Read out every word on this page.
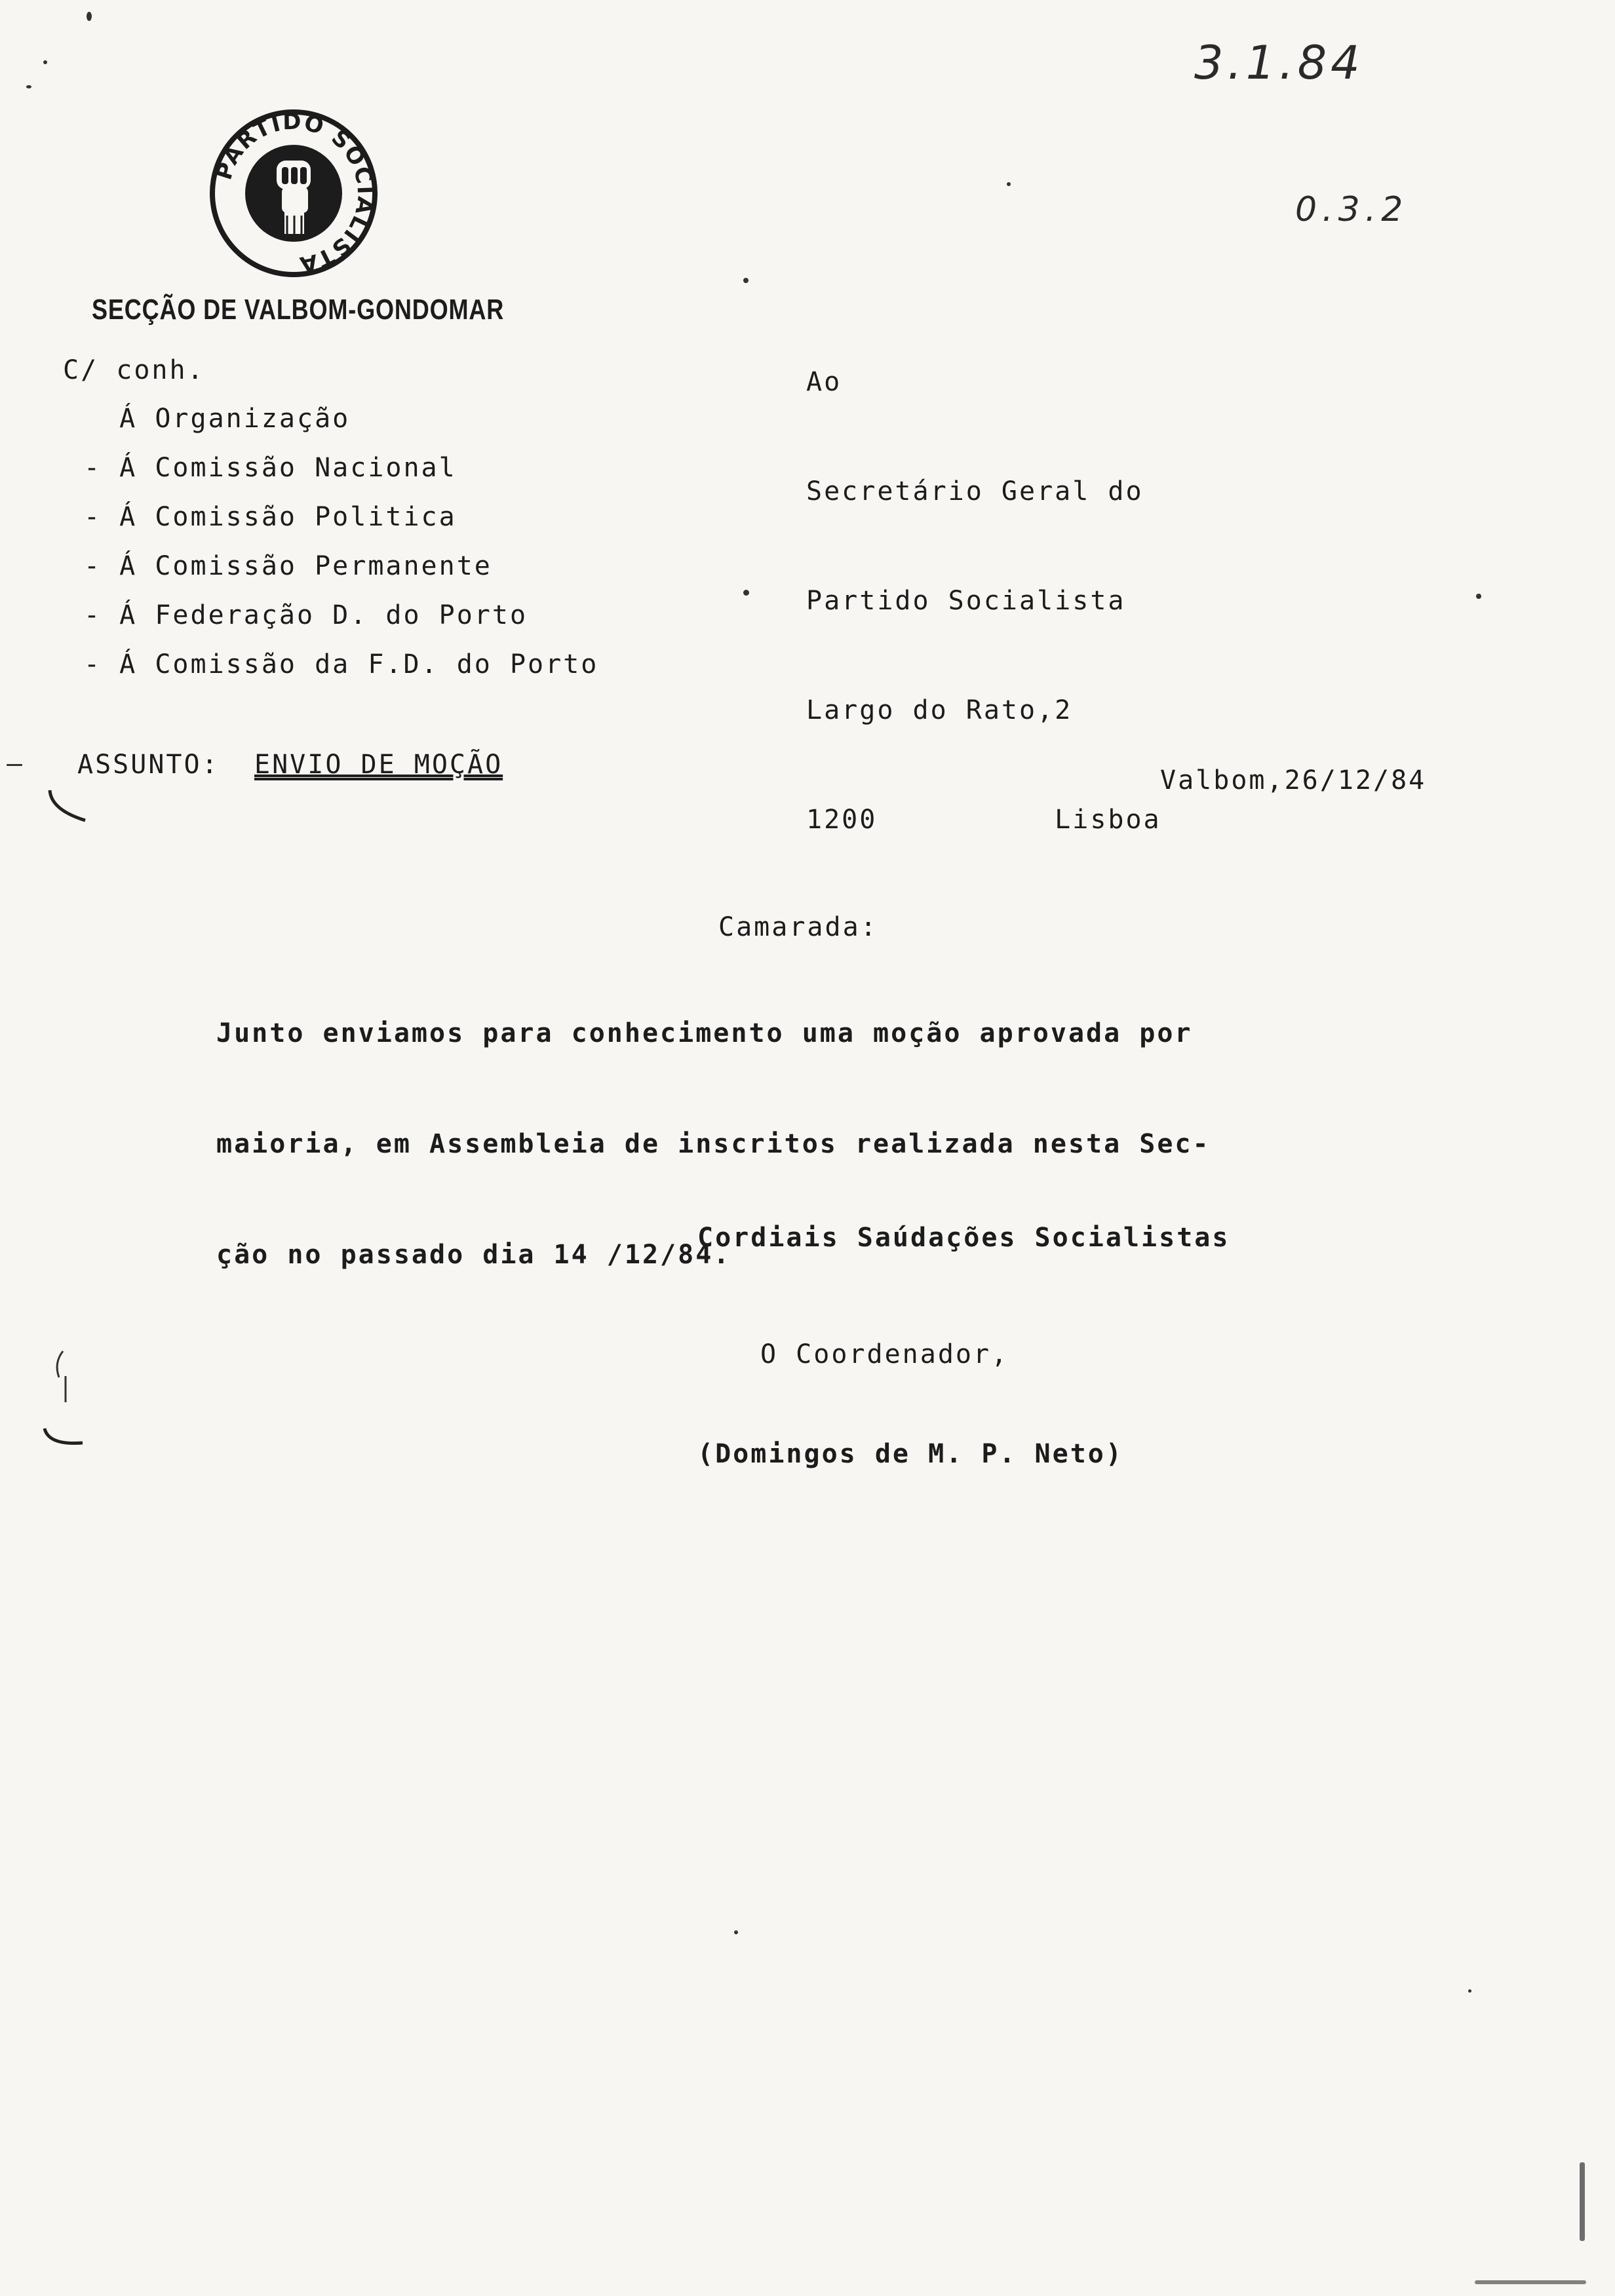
PARTIDO SOCIALISTA
SECÇÃO DE VALBOM-GONDOMAR
3.1.84
0.3.2
C/ conh.
Á Organização
- Á Comissão Nacional
- Á Comissão Politica
- Á Comissão Permanente
- Á Federação D. do Porto
- Á Comissão da F.D. do Porto

Ao

Secretário Geral do

Partido Socialista

Largo do Rato,2

1200          Lisboa

ASSUNTO: ENVIO DE MOÇÃO
Valbom,26/12/84
Camarada:

Junto enviamos para conhecimento uma moção aprovada por

maioria, em Assembleia de inscritos realizada nesta Sec-

ção no passado dia 14 /12/84.

Cordiais Saúdações Socialistas
O Coordenador,
(Domingos de M. P. Neto)
